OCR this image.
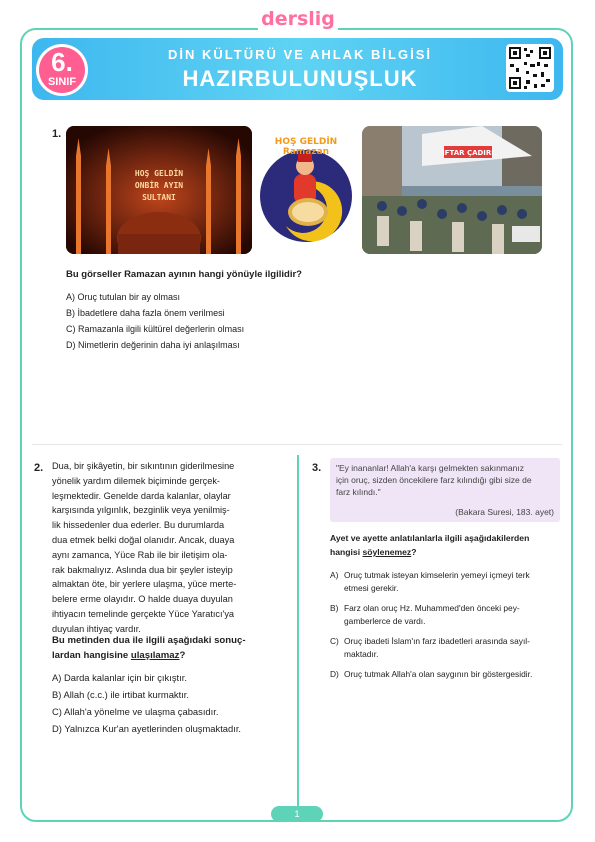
derslig
6.
SINIF
DİN KÜLTÜRÜ VE AHLAK BİLGİSİ
HAZIRBULUNUŞLUK
1.
HOŞ GELDİN
ONBİR AYIN
SULTANI
HOŞ GELDİN
Ramazan	İFTAR ÇADIRI
Bu görseller Ramazan ayının hangi yönüyle ilgilidir?
A) Oruç tutulan bir ay olması
B) İbadetlere daha fazla önem verilmesi
C) Ramazanla ilgili kültürel değerlerin olması
D) Nimetlerin değerinin daha iyi anlaşılması
2. Dua, bir şikâyetin, bir sıkıntının giderilmesine
yönelik yardım dilemek biçiminde gerçek-
leşmektedir. Genelde darda kalanlar, olaylar
karşısında yılgınlık, bezginlik veya yenilmiş-
lik hissedenler dua ederler. Bu durumlarda
dua etmek belki doğal olanıdır. Ancak, duaya
aynı zamanca, Yüce Rab ile bir iletişim ola-
rak bakmalıyız. Aslında dua bir şeyler isteyip
almaktan öte, bir yerlere ulaşma, yüce merte-
belere erme olayıdır. O halde duaya duyulan
ihtiyacın temelinde gerçekte Yüce Yaratıcı'ya
duyulan ihtiyaç vardır.
Bu metinden dua ile ilgili aşağıdaki sonuç-
lardan hangisine ulaşılamaz?
A) Darda kalanlar için bir çıkıştır.
B) Allah (c.c.) ile irtibat kurmaktır.
C) Allah'a yönelme ve ulaşma çabasıdır.
D) Yalnızca Kur'an ayetlerinden oluşmaktadır.
3. "Ey inananlar! Allah'a karşı gelmekten sakınmanız
için oruç, sizden öncekilere farz kılındığı gibi size de
farz kılındı."
(Bakara Suresi, 183. ayet)
Ayet ve ayette anlatılanlarla ilgili aşağıdakilerden
hangisi söylenemez?
A) Oruç tutmak isteyan kimselerin yemeyi içmeyi terk
etmesi gerekir.
B) Farz olan oruç Hz. Muhammed'den önceki pey-
gamberlerce de vardı.
C) Oruç ibadeti İslam'ın farz ibadetleri arasında sayıl-
maktadır.
D) Oruç tutmak Allah'a olan saygının bir göstergesidir.
1
